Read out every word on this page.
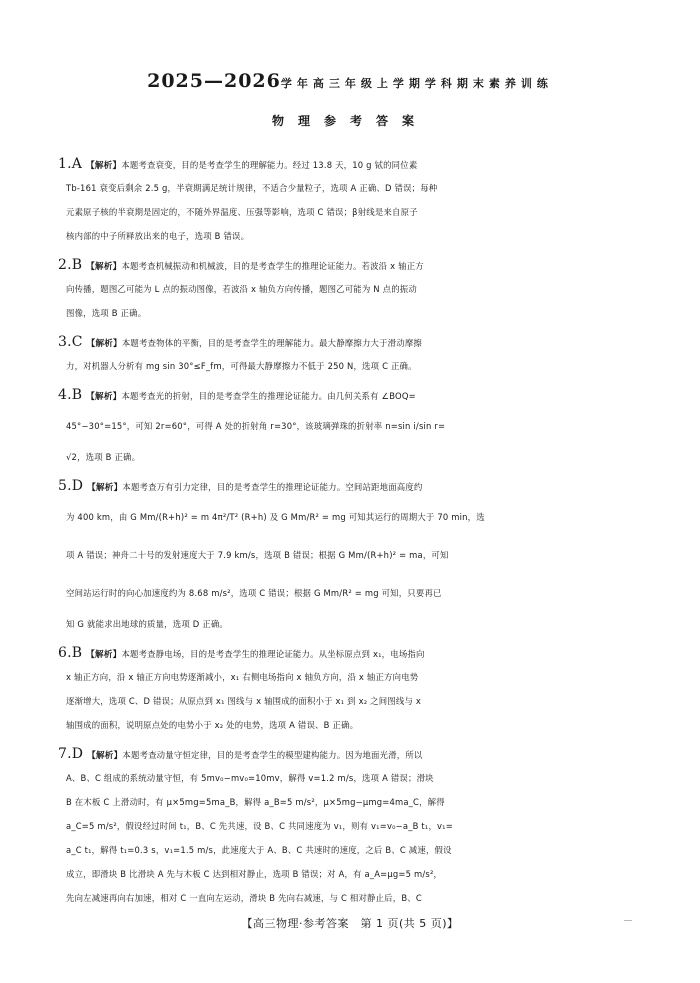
2025—2026学年高三年级上学期学科期末素养训练
物理参考答案
1.A 【解析】本题考查衰变，目的是考查学生的理解能力。经过 13.8 天，10 g 铽的同位素
Tb-161 衰变后剩余 2.5 g，半衰期满足统计规律，不适合少量粒子，选项 A 正确、D 错误；每种
元素原子核的半衰期是固定的，不随外界温度、压强等影响，选项 C 错误；β射线是来自原子
核内部的中子所释放出来的电子，选项 B 错误。
2.B 【解析】本题考查机械振动和机械波，目的是考查学生的推理论证能力。若波沿 x 轴正方
向传播，题图乙可能为 L 点的振动图像，若波沿 x 轴负方向传播，题图乙可能为 N 点的振动
图像，选项 B 正确。
3.C 【解析】本题考查物体的平衡，目的是考查学生的理解能力。最大静摩擦力大于滑动摩擦
力，对机器人分析有 mg sin 30°≤F_fm，可得最大静摩擦力不低于 250 N，选项 C 正确。
4.B 【解析】本题考查光的折射，目的是考查学生的推理论证能力。由几何关系有 ∠BOQ=
45°−30°=15°，可知 2r=60°，可得 A 处的折射角 r=30°，该玻璃弹珠的折射率 n=sin i/sin r=
√2，选项 B 正确。
5.D 【解析】本题考查万有引力定律，目的是考查学生的推理论证能力。空间站距地面高度约
为 400 km，由 G Mm/(R+h)² = m 4π²/T² (R+h) 及 G Mm/R² = mg 可知其运行的周期大于 70 min，选
项 A 错误；神舟二十号的发射速度大于 7.9 km/s，选项 B 错误；根据 G Mm/(R+h)² = ma，可知
空间站运行时的向心加速度约为 8.68 m/s²，选项 C 错误；根据 G Mm/R² = mg 可知，只要再已
知 G 就能求出地球的质量，选项 D 正确。
6.B 【解析】本题考查静电场，目的是考查学生的推理论证能力。从坐标原点到 x₁，电场指向
x 轴正方向，沿 x 轴正方向电势逐渐减小，x₁ 右侧电场指向 x 轴负方向，沿 x 轴正方向电势
逐渐增大，选项 C、D 错误；从原点到 x₁ 图线与 x 轴围成的面积小于 x₁ 到 x₂ 之间图线与 x
轴围成的面积，说明原点处的电势小于 x₂ 处的电势，选项 A 错误、B 正确。
7.D 【解析】本题考查动量守恒定律，目的是考查学生的模型建构能力。因为地面光滑，所以
A、B、C 组成的系统动量守恒，有 5mv₀−mv₀=10mv，解得 v=1.2 m/s，选项 A 错误；滑块
B 在木板 C 上滑动时，有 μ×5mg=5ma_B，解得 a_B=5 m/s²，μ×5mg−μmg=4ma_C，解得
a_C=5 m/s²，假设经过时间 t₁，B、C 先共速，设 B、C 共同速度为 v₁，则有 v₁=v₀−a_B t₁，v₁=
a_C t₁，解得 t₁=0.3 s，v₁=1.5 m/s，此速度大于 A、B、C 共速时的速度，之后 B、C 减速，假设
成立，即滑块 B 比滑块 A 先与木板 C 达到相对静止，选项 B 错误；对 A，有 a_A=μg=5 m/s²，
先向左减速再向右加速，相对 C 一直向左运动，滑块 B 先向右减速，与 C 相对静止后，B、C
【高三物理·参考答案　第 1 页(共 5 页)】
